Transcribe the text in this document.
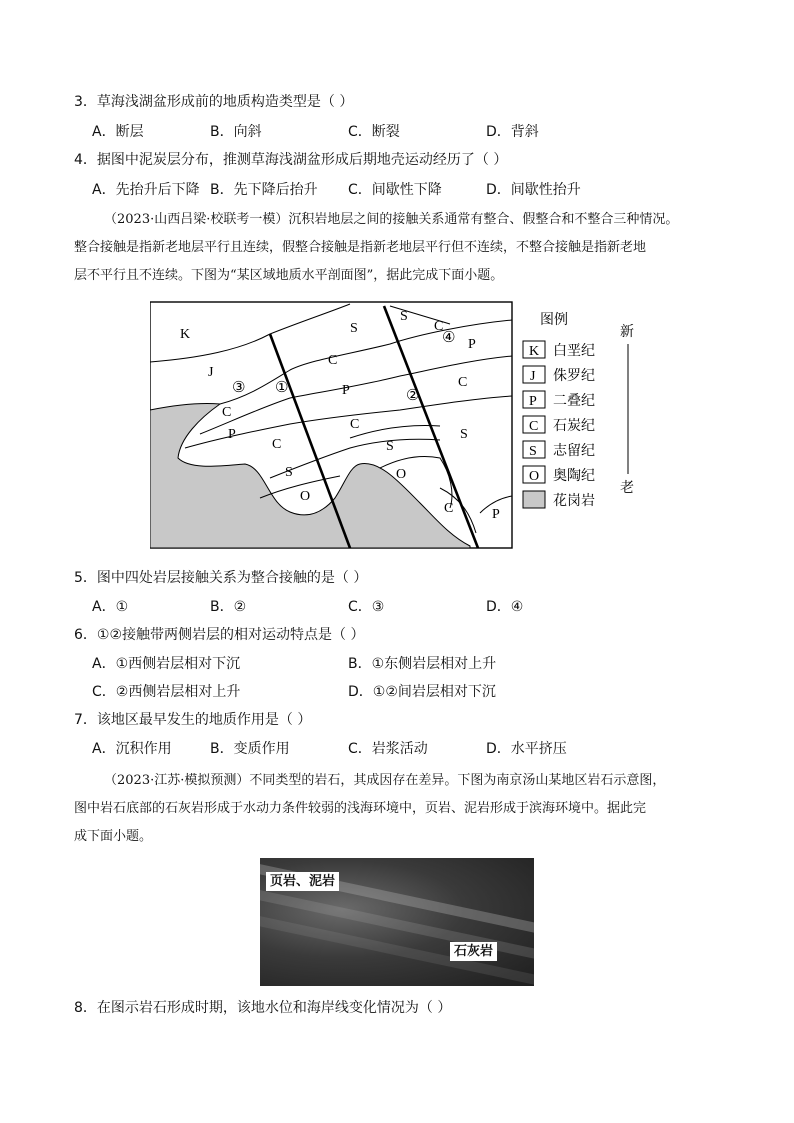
3．草海浅湖盆形成前的地质构造类型是（ ）
A．断层	B．向斜	C．断裂	D．背斜
4．据图中泥炭层分布，推测草海浅湖盆形成后期地壳运动经历了（ ）
A．先抬升后下降 B．先下降后抬升 C．间歇性下降	D．间歇性抬升
（2023·山西吕梁·校联考一模）沉积岩地层之间的接触关系通常有整合、假整合和不整合三种情况。
整合接触是指新老地层平行且连续，假整合接触是指新老地层平行但不连续，不整合接触是指新老地
层不平行且不连续。下图为“某区域地质水平剖面图”，据此完成下面小题。
K
J
C
P
C
S
O
C
P
C
S
S
O
S
C
P
C
S
C	P
③ ①	②
④
图例
K 白垩纪
J 侏罗纪
P 二叠纪
C 石炭纪
S 志留纪
O 奥陶纪
花岗岩
新
老
5．图中四处岩层接触关系为整合接触的是（ ）
A．①	B．②	C．③	D．④
6．①②接触带两侧岩层的相对运动特点是（ ）
A．①西侧岩层相对下沉	B．①东侧岩层相对上升
C．②西侧岩层相对上升	D．①②间岩层相对下沉
7．该地区最早发生的地质作用是（ ）
A．沉积作用	B．变质作用	C．岩浆活动	D．水平挤压
（2023·江苏·模拟预测）不同类型的岩石，其成因存在差异。下图为南京汤山某地区岩石示意图，
图中岩石底部的石灰岩形成于水动力条件较弱的浅海环境中，页岩、泥岩形成于滨海环境中。据此完
成下面小题。
页岩、泥岩
石灰岩
8．在图示岩石形成时期，该地水位和海岸线变化情况为（ ）
